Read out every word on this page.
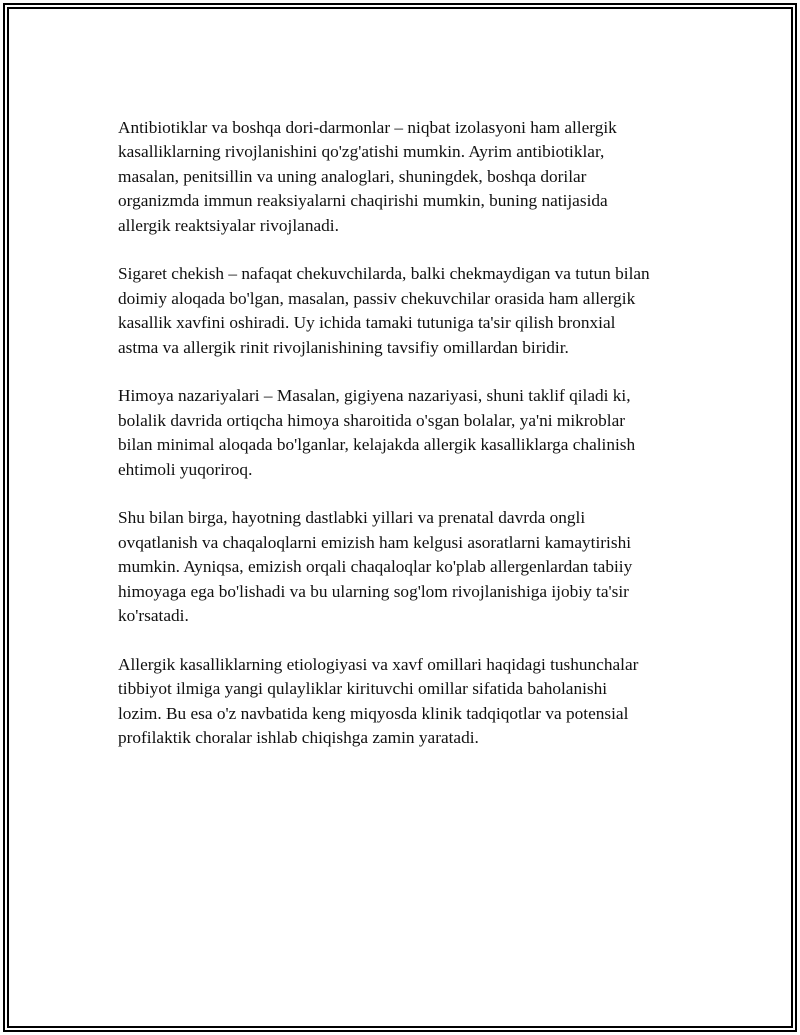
Antibiotiklar va boshqa dori-darmonlar – niqbat izolasyoni ham allergik
kasalliklarning rivojlanishini qo'zg'atishi mumkin. Ayrim antibiotiklar,
masalan, penitsillin va uning analoglari, shuningdek, boshqa dorilar
organizmda immun reaksiyalarni chaqirishi mumkin, buning natijasida
allergik reaktsiyalar rivojlanadi.

Sigaret chekish – nafaqat chekuvchilarda, balki chekmaydigan va tutun bilan
doimiy aloqada bo'lgan, masalan, passiv chekuvchilar orasida ham allergik
kasallik xavfini oshiradi. Uy ichida tamaki tutuniga ta'sir qilish bronxial
astma va allergik rinit rivojlanishining tavsifiy omillardan biridir.

Himoya nazariyalari – Masalan, gigiyena nazariyasi, shuni taklif qiladi ki,
bolalik davrida ortiqcha himoya sharoitida o'sgan bolalar, ya'ni mikroblar
bilan minimal aloqada bo'lganlar, kelajakda allergik kasalliklarga chalinish
ehtimoli yuqoriroq.

Shu bilan birga, hayotning dastlabki yillari va prenatal davrda ongli
ovqatlanish va chaqaloqlarni emizish ham kelgusi asoratlarni kamaytirishi
mumkin. Ayniqsa, emizish orqali chaqaloqlar ko'plab allergenlardan tabiiy
himoyaga ega bo'lishadi va bu ularning sog'lom rivojlanishiga ijobiy ta'sir
ko'rsatadi.

Allergik kasalliklarning etiologiyasi va xavf omillari haqidagi tushunchalar
tibbiyot ilmiga yangi qulayliklar kirituvchi omillar sifatida baholanishi
lozim. Bu esa o'z navbatida keng miqyosda klinik tadqiqotlar va potensial
profilaktik choralar ishlab chiqishga zamin yaratadi.
